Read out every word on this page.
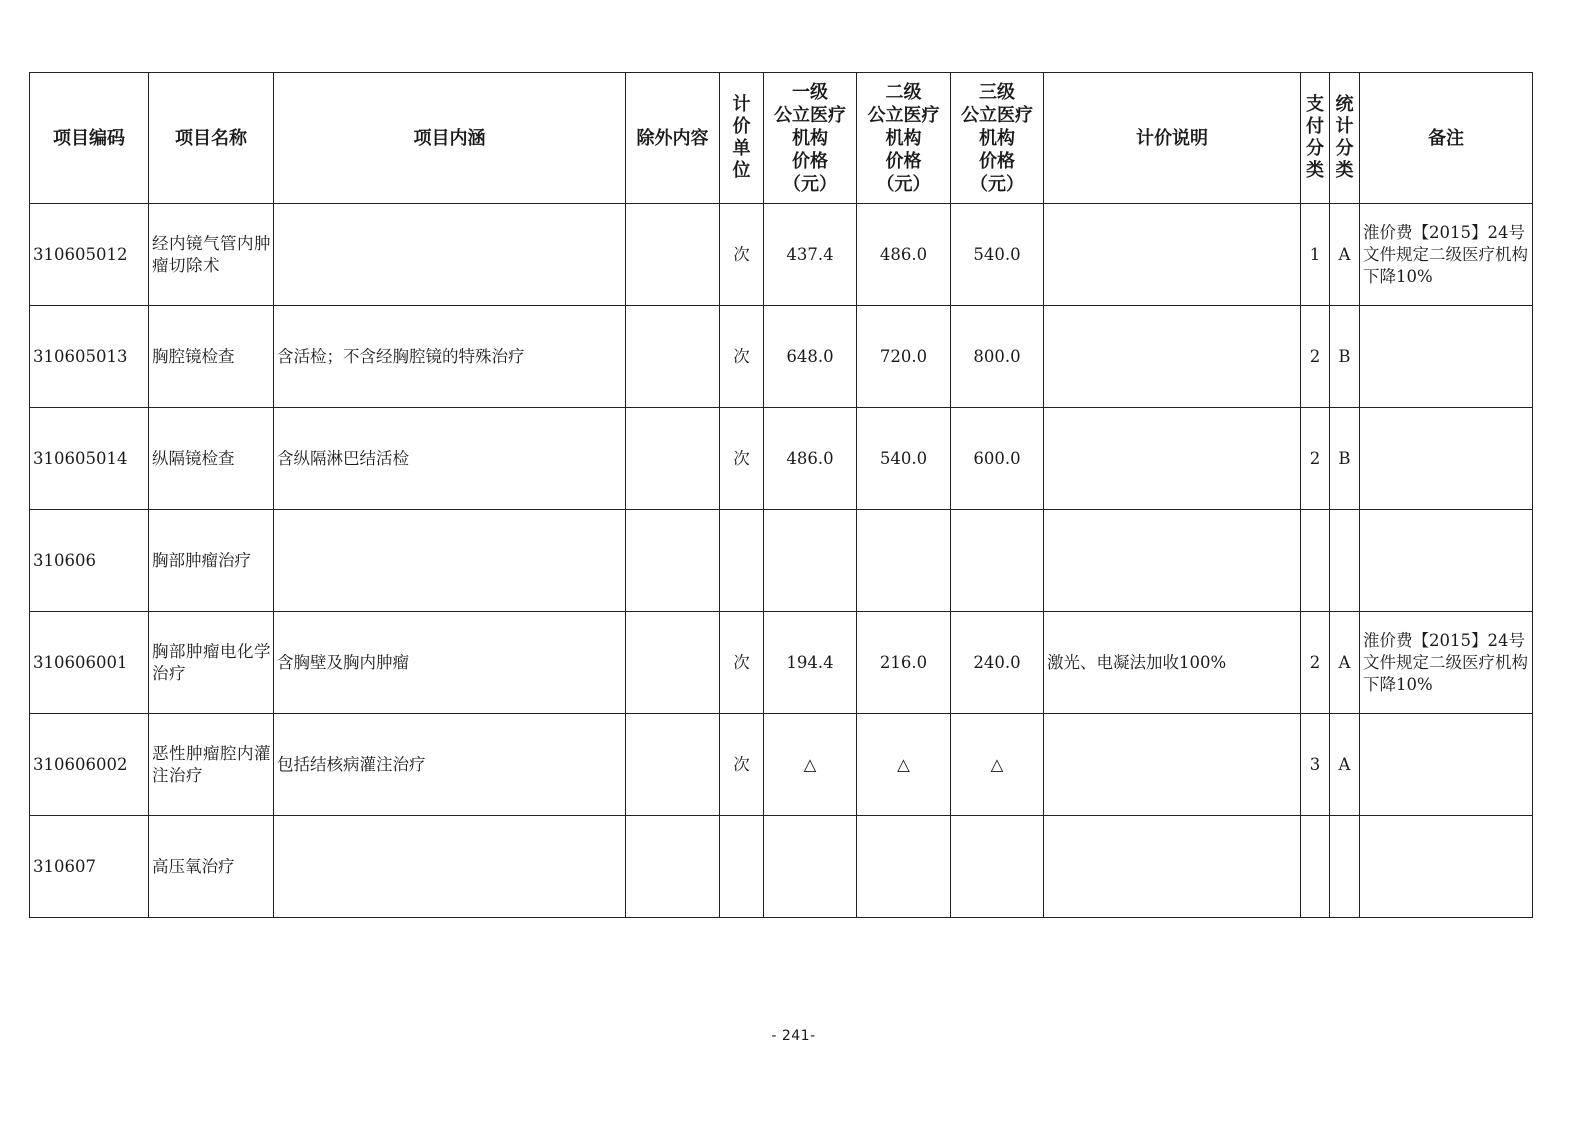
项目编码	项目名称	项目内涵	除外内容	计价单位	一级
公立医疗
机构
价格
（元）	二级
公立医疗
机构
价格
（元）	三级
公立医疗
机构
价格
（元）	计价说明	支付分类	统计分类	备注
310605012	经内镜气管内肿瘤切除术			次	437.4	486.0	540.0		1	A	淮价费【2015】24号文件规定二级医疗机构下降10%
310605013	胸腔镜检查	含活检；不含经胸腔镜的特殊治疗		次	648.0	720.0	800.0		2	B	
310605014	纵隔镜检查	含纵隔淋巴结活检		次	486.0	540.0	600.0		2	B	
310606	胸部肿瘤治疗										
310606001	胸部肿瘤电化学治疗	含胸壁及胸内肿瘤		次	194.4	216.0	240.0	激光、电凝法加收100%	2	A	淮价费【2015】24号文件规定二级医疗机构下降10%
310606002	恶性肿瘤腔内灌注治疗	包括结核病灌注治疗		次	△	△	△		3	A	
310607	高压氧治疗										
- 241-
